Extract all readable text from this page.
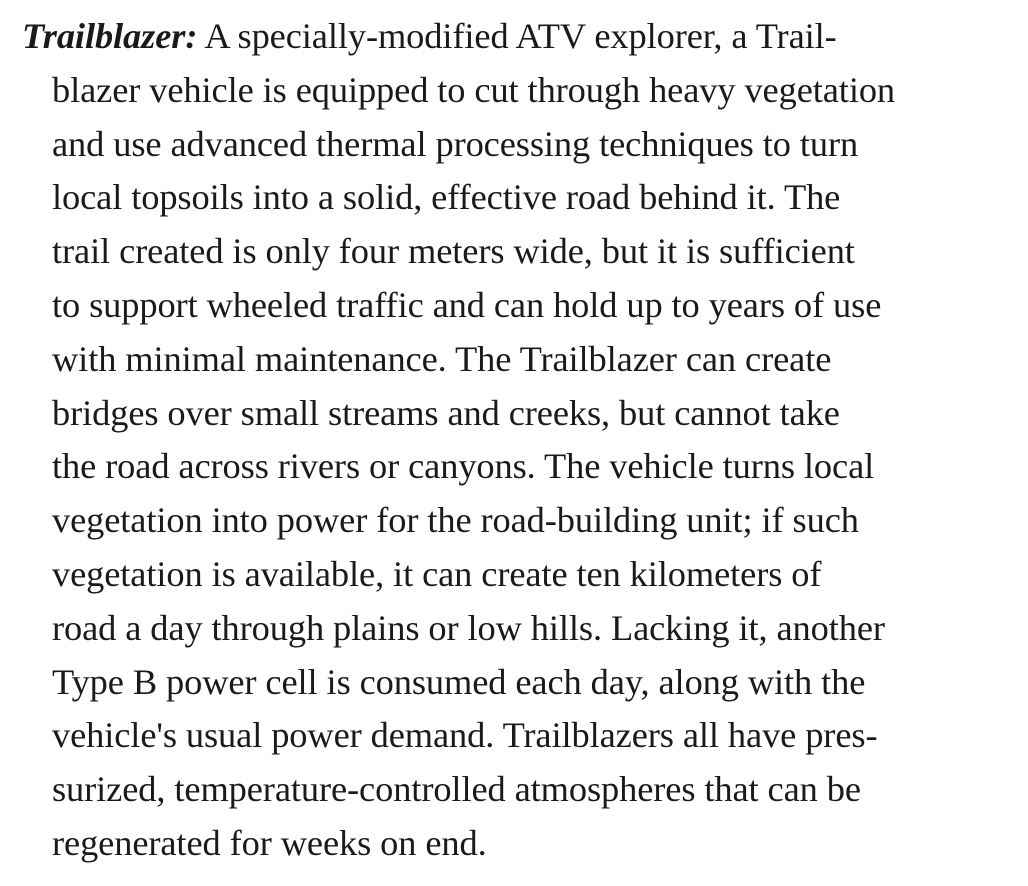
Trailblazer: A specially-modified ATV explorer, a Trail-
blazer vehicle is equipped to cut through heavy vegetation
and use advanced thermal processing techniques to turn
local topsoils into a solid, effective road behind it. The
trail created is only four meters wide, but it is sufficient
to support wheeled traffic and can hold up to years of use
with minimal maintenance. The Trailblazer can create
bridges over small streams and creeks, but cannot take
the road across rivers or canyons. The vehicle turns local
vegetation into power for the road-building unit; if such
vegetation is available, it can create ten kilometers of
road a day through plains or low hills. Lacking it, another
Type B power cell is consumed each day, along with the
vehicle's usual power demand. Trailblazers all have pres-
surized, temperature-controlled atmospheres that can be
regenerated for weeks on end.
